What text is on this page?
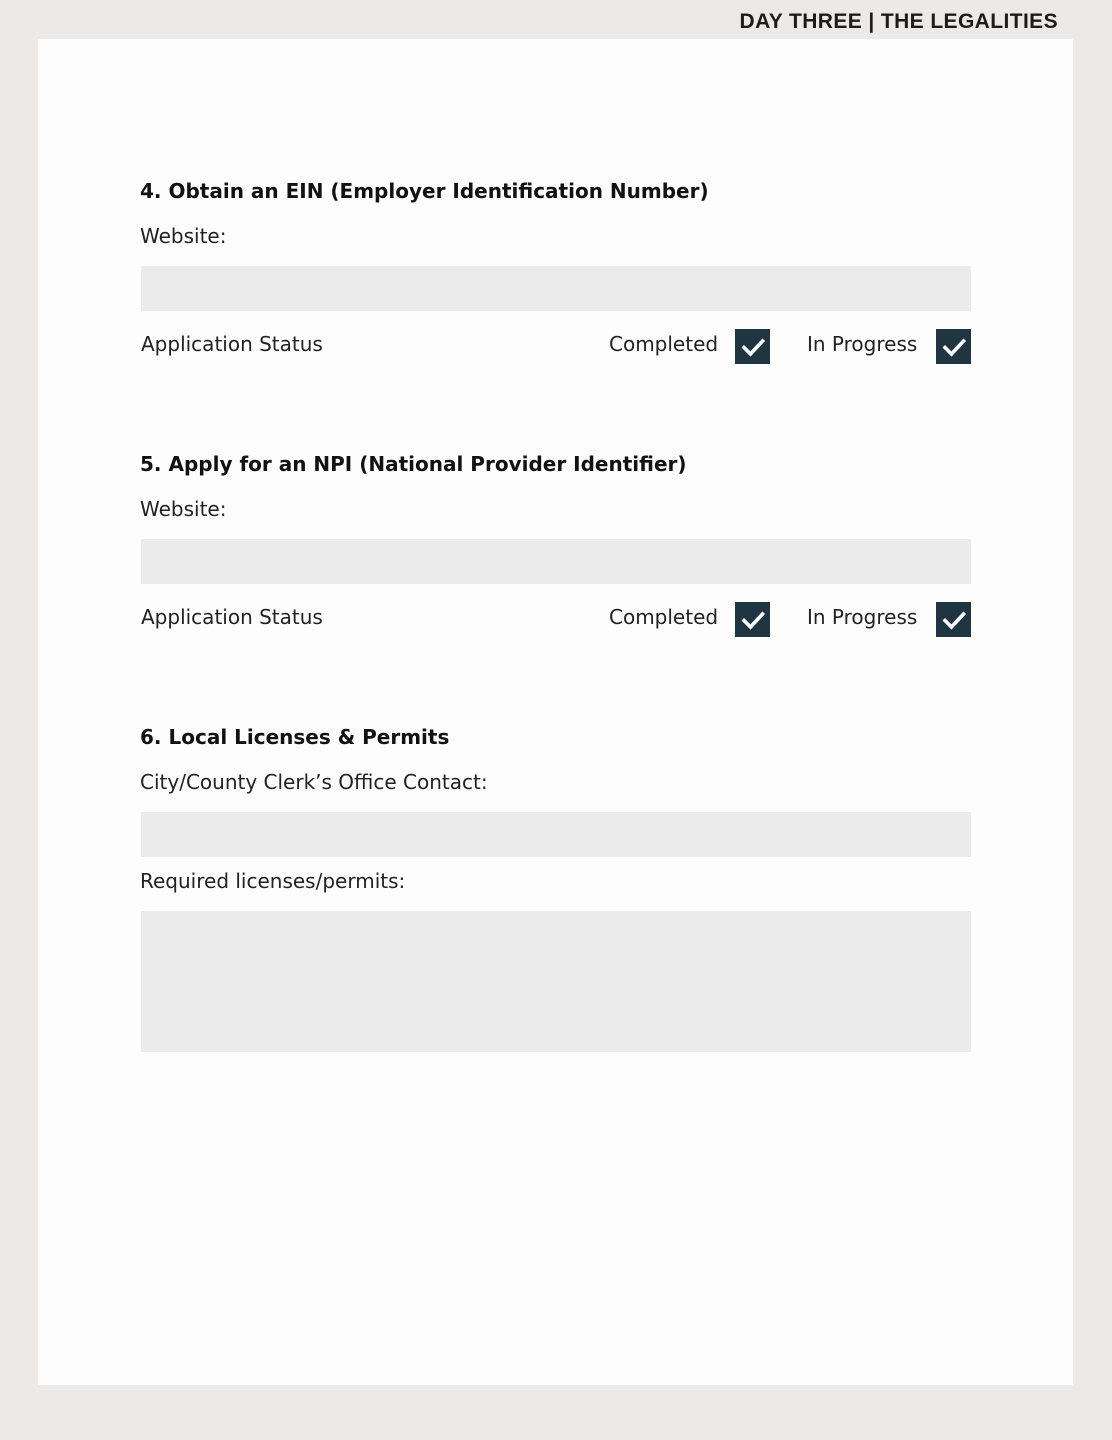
DAY THREE | THE LEGALITIES
4. Obtain an EIN (Employer Identification Number)
Website:
Application Status	Completed	In Progress
5. Apply for an NPI (National Provider Identifier)
Website:
Application Status	Completed	In Progress
6. Local Licenses & Permits
City/County Clerk’s Office Contact:
Required licenses/permits:
